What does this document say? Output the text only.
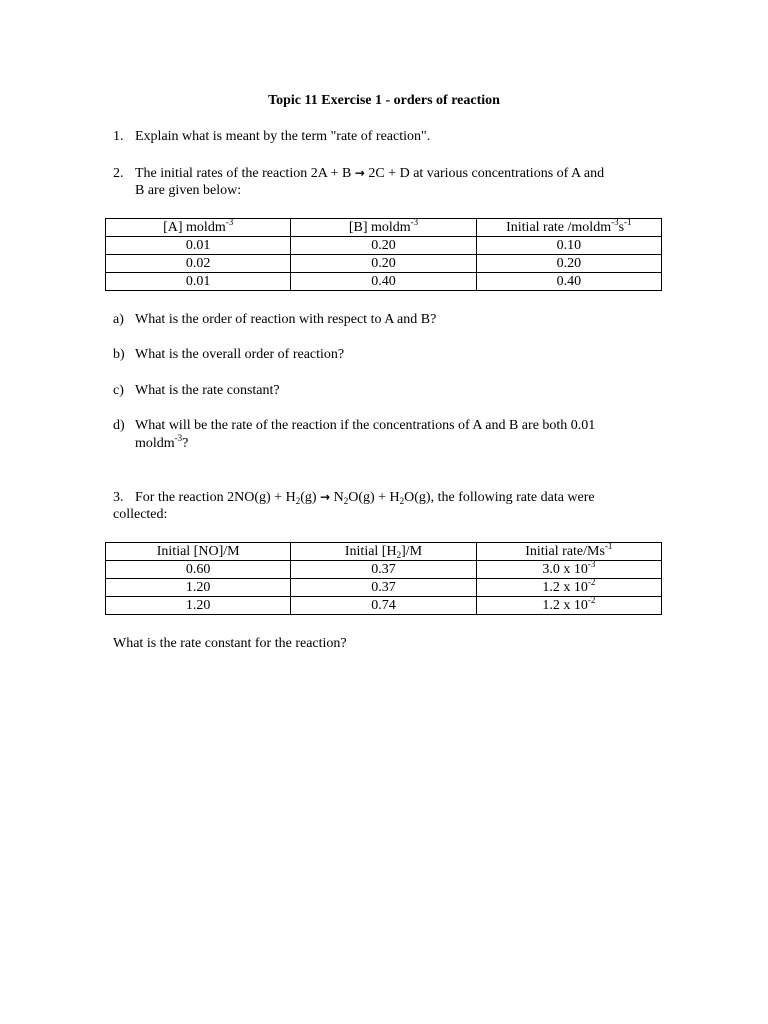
Topic 11 Exercise 1 - orders of reaction
1. Explain what is meant by the term "rate of reaction".
2. The initial rates of the reaction 2A + B → 2C + D at various concentrations of A and
B are given below:
[A] moldm$^{-3}$	[B] moldm$^{-3}$	Initial rate $/moldm^{-3}s^{-1}$
0.01	0.20	0.10
0.02	0.20	0.20
0.01	0.40	0.40
a) What is the order of reaction with respect to A and B?
b) What is the overall order of reaction?
c) What is the rate constant?
d) What will be the rate of the reaction if the concentrations of A and B are both 0.01
moldm$^{-3}$?
3. For the reaction $2NO(g) + H_2(g) \to N_2O(g) + H_2O(g)$, the following rate data were
collected:
Initial [NO]/M	Initial $[H_2]/M$	Initial rate/$Ms^{-1}$
0.60	0.37	3.0 x $10^{-3}$
1.20	0.37	1.2 x $10^{-2}$
1.20	0.74	1.2 x $10^{-2}$
What is the rate constant for the reaction?
